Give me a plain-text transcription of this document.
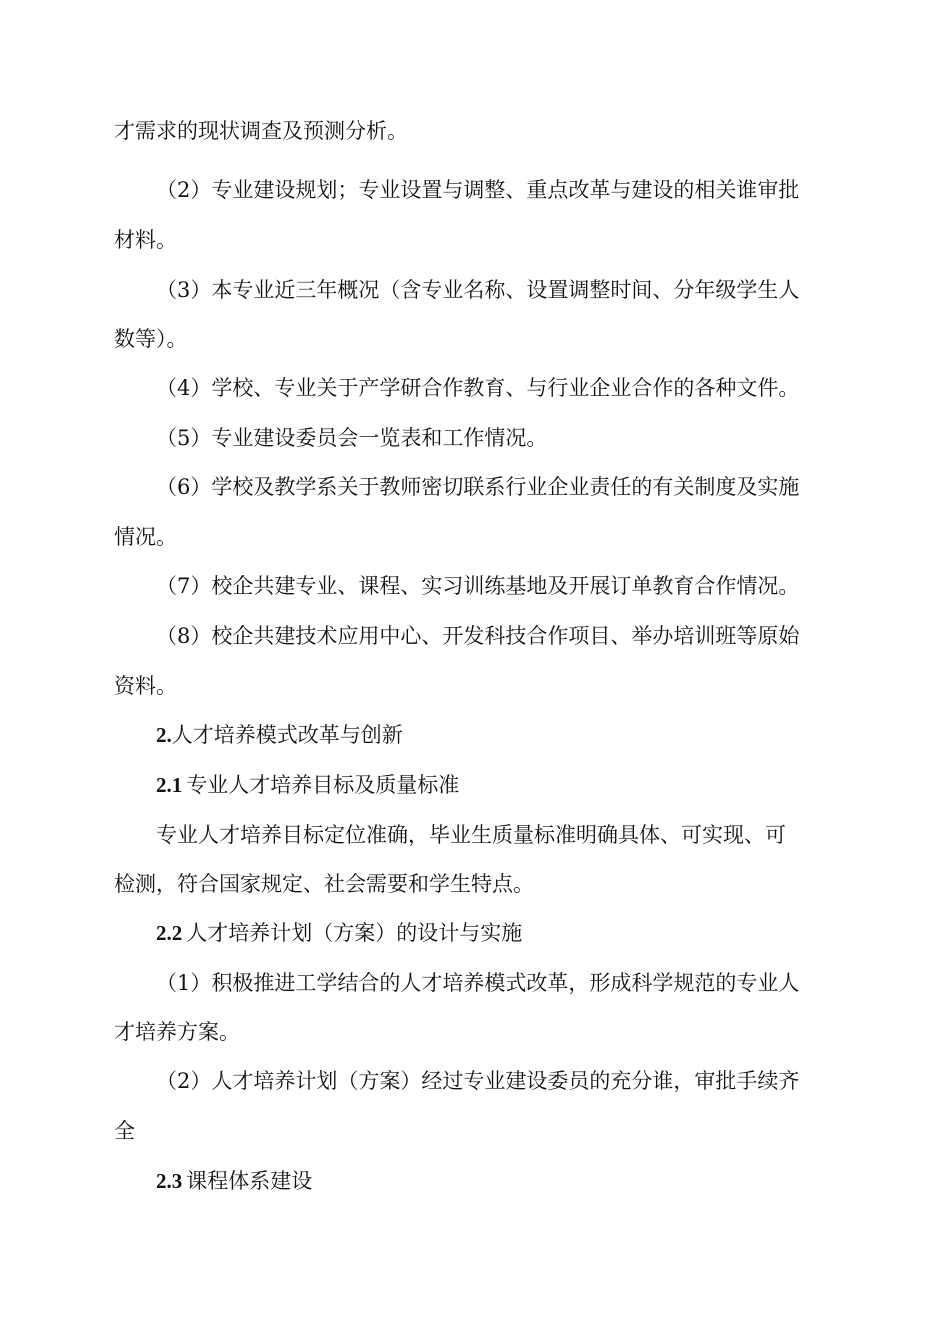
才需求的现状调查及预测分析。
（2）专业建设规划；专业设置与调整、重点改革与建设的相关谁审批
材料。
（3）本专业近三年概况（含专业名称、设置调整时间、分年级学生人
数等）。
（4）学校、专业关于产学研合作教育、与行业企业合作的各种文件。
（5）专业建设委员会一览表和工作情况。
（6）学校及教学系关于教师密切联系行业企业责任的有关制度及实施
情况。
（7）校企共建专业、课程、实习训练基地及开展订单教育合作情况。
（8）校企共建技术应用中心、开发科技合作项目、举办培训班等原始
资料。
2.人才培养模式改革与创新
2.1 专业人才培养目标及质量标准
专业人才培养目标定位准确，毕业生质量标准明确具体、可实现、可
检测，符合国家规定、社会需要和学生特点。
2.2 人才培养计划（方案）的设计与实施
（1）积极推进工学结合的人才培养模式改革，形成科学规范的专业人
才培养方案。
（2）人才培养计划（方案）经过专业建设委员的充分谁，审批手续齐
全
2.3 课程体系建设
